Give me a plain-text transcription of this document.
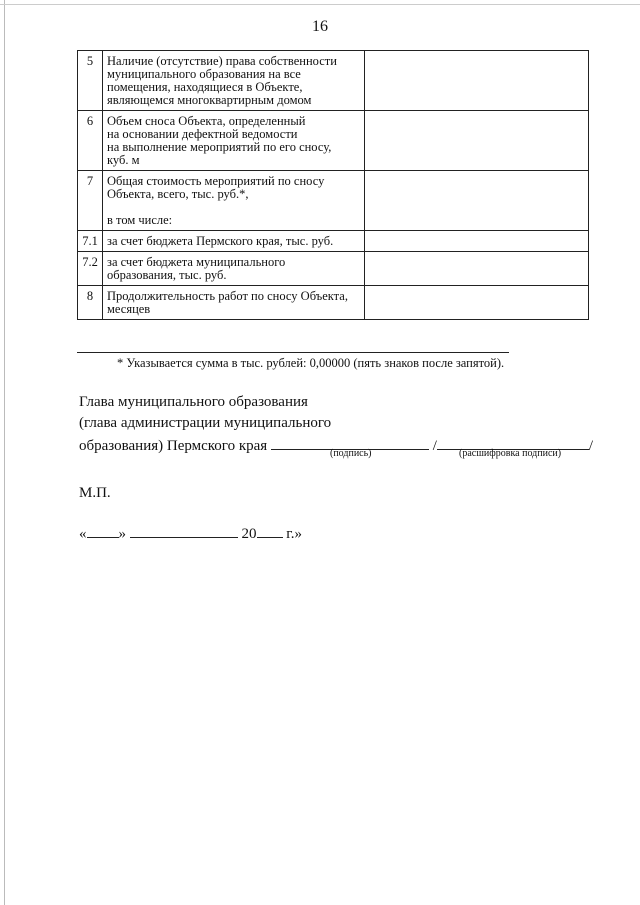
16
5	Наличие (отсутствие) права собственности
муниципального образования на все
помещения, находящиеся в Объекте,
являющемся многоквартирным домом	

6	Объем сноса Объекта, определенный
на основании дефектной ведомости
на выполнение мероприятий по его сносу,
куб. м	

7	Общая стоимость мероприятий по сносу
Объекта, всего, тыс. руб.*,
в том числе:	

7.1	за счет бюджета Пермского края, тыс. руб.	

7.2	за счет бюджета муниципального
образования, тыс. руб.	

8	Продолжительность работ по сносу Объекта,
месяцев	

* Указывается сумма в тыс. рублей: 0,00000 (пять знаков после запятой).
Глава муниципального образования
(глава администрации муниципального
образования) Пермского края	/	/
(подпись)	(расшифровка подписи)
М.П.
« »	20 г.»
